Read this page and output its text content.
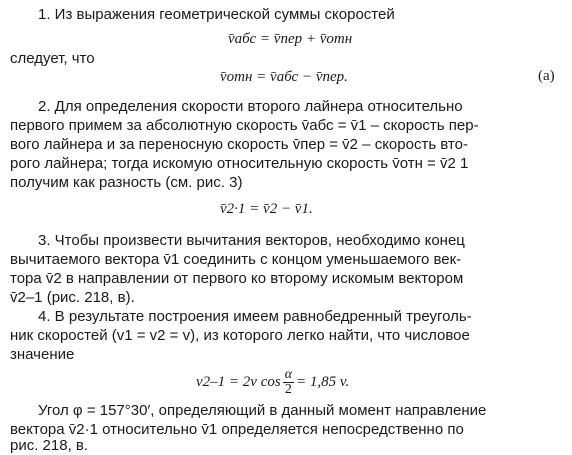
1. Из выражения геометрической суммы скоростей
v̄абс = v̄пер + v̄отн
следует, что
v̄отн = v̄абс − v̄пер.	(а)
2. Для определения скорости второго лайнера относительно
первого примем за абсолютную скорость v̄абс = v̄1 – скорость пер-
вого лайнера и за переносную скорость v̄пер = v̄2 – скорость вто-
рого лайнера; тогда искомую относительную скорость v̄отн = v̄2 1
получим как разность (см. рис. 3)
v̄2·1 = v̄2 − v̄1.
3. Чтобы произвести вычитания векторов, необходимо конец
вычитаемого вектора v̄1 соединить с концом уменьшаемого век-
тора v̄2 в направлении от первого ко второму искомым вектором
v̄2–1 (рис. 218, в).
4. В результате построения имеем равнобедренный треуголь-
ник скоростей (v1 = v2 = v), из которого легко найти, что числовое
значение
v2–1 = 2v $\cos \frac{\alpha}{2} = 1,85$ v.
Угол φ = 157°30′, определяющий в данный момент направление
вектора v̄2·1 относительно v̄1 определяется непосредственно по
рис. 218, в.
